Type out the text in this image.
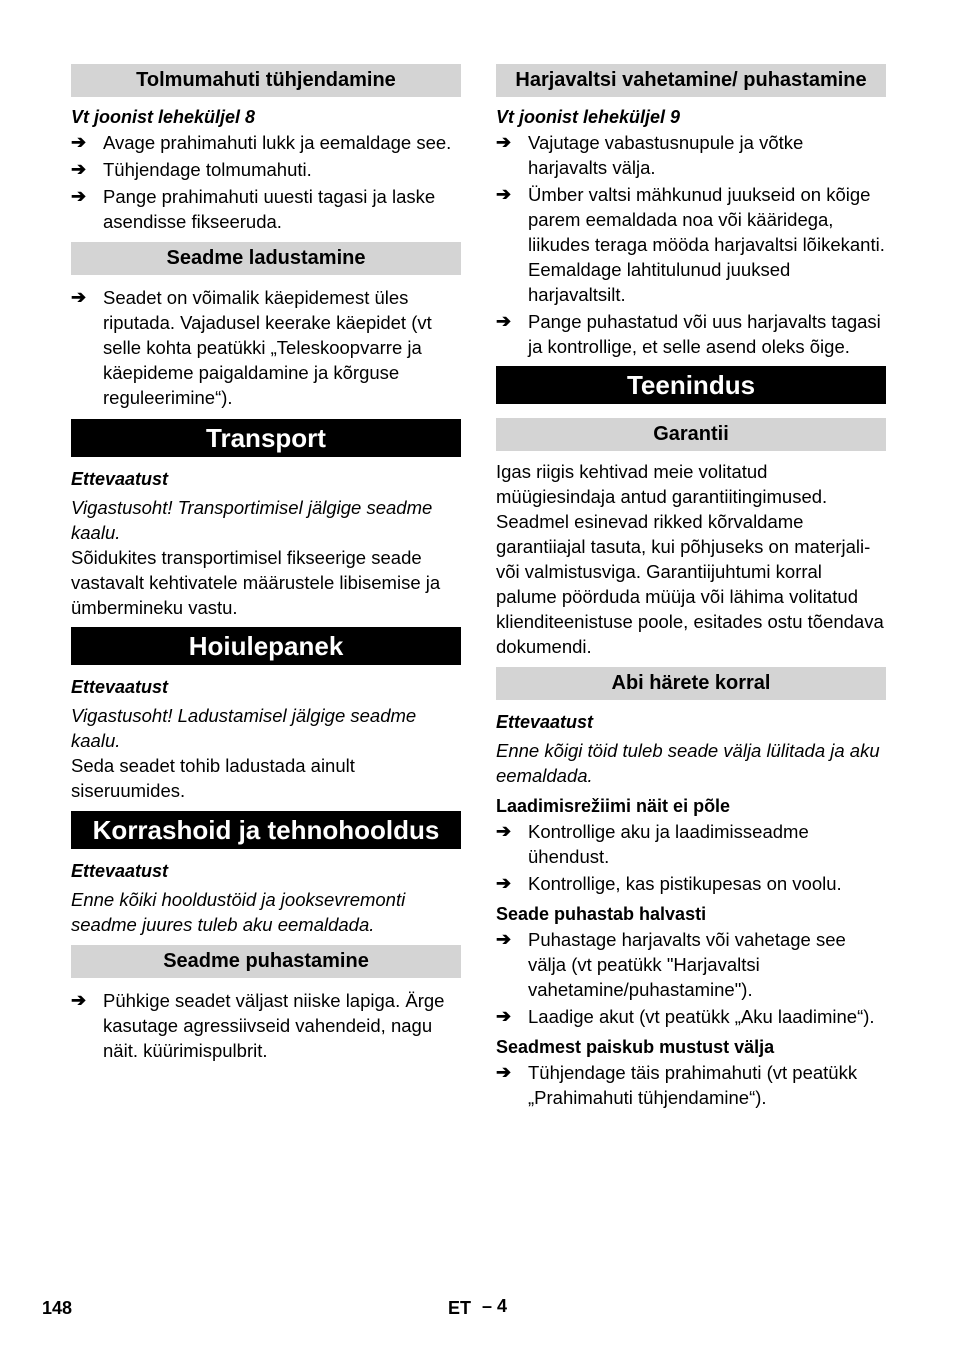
Tolmumahuti tühjendamine

Vt joonist leheküljel 8

➔ Avage prahimahuti lukk ja eemaldage see.
➔ Tühjendage tolmumahuti.
➔ Pange prahimahuti uuesti tagasi ja laske asendisse fikseeruda.
Seadme ladustamine
➔ Seadet on võimalik käepidemest üles riputada. Vajadusel keerake käepidet (vt selle kohta peatükki „Teleskoopvarre ja käepideme paigaldamine ja kõrguse reguleerimine“).
Transport

Ettevaatust

Vigastusoht! Transportimisel jälgige seadme kaalu.

Sõidukites transportimisel fikseerige seade vastavalt kehtivatele määrustele libisemise ja ümbermineku vastu.

Hoiulepanek

Ettevaatust

Vigastusoht! Ladustamisel jälgige seadme kaalu.

Seda seadet tohib ladustada ainult siseruumides.

Korrashoid ja tehnohooldus

Ettevaatust

Enne kõiki hooldustöid ja jooksevremonti seadme juures tuleb aku eemaldada.

Seadme puhastamine
➔ Pühkige seadet väljast niiske lapiga. Ärge kasutage agressiivseid vahendeid, nagu näit. küürimispulbrit.
Harjavaltsi vahetamine/ puhastamine

Vt joonist leheküljel 9

➔ Vajutage vabastusnupule ja võtke harjavalts välja.
➔ Ümber valtsi mähkunud juukseid on kõige parem eemaldada noa või kääridega, liikudes teraga mööda harjavaltsi lõikekanti. Eemaldage lahtitulunud juuksed harjavaltsilt.
➔ Pange puhastatud või uus harjavalts tagasi ja kontrollige, et selle asend oleks õige.
Teenindus
Garantii

Igas riigis kehtivad meie volitatud müügiesindaja antud garantiitingimused. Seadmel esinevad rikked kõrvaldame garantiiajal tasuta, kui põhjuseks on materjali- või valmistusviga. Garantiijuhtumi korral palume pöörduda müüja või lähima volitatud klienditeenistuse poole, esitades ostu tõendava dokumendi.

Abi härete korral

Ettevaatust

Enne kõigi töid tuleb seade välja lülitada ja aku eemaldada.

Laadimisrežiimi näit ei põle

➔ Kontrollige aku ja laadimisseadme ühendust.
➔ Kontrollige, kas pistikupesas on voolu.

Seade puhastab halvasti

➔ Puhastage harjavalts või vahetage see välja (vt peatükk "Harjavaltsi vahetamine/puhastamine").
➔ Laadige akut (vt peatükk „Aku laadimine“).

Seadmest paiskub mustust välja

➔ Tühjendage täis prahimahuti (vt peatükk „Prahimahuti tühjendamine“).
148	ET – 4
